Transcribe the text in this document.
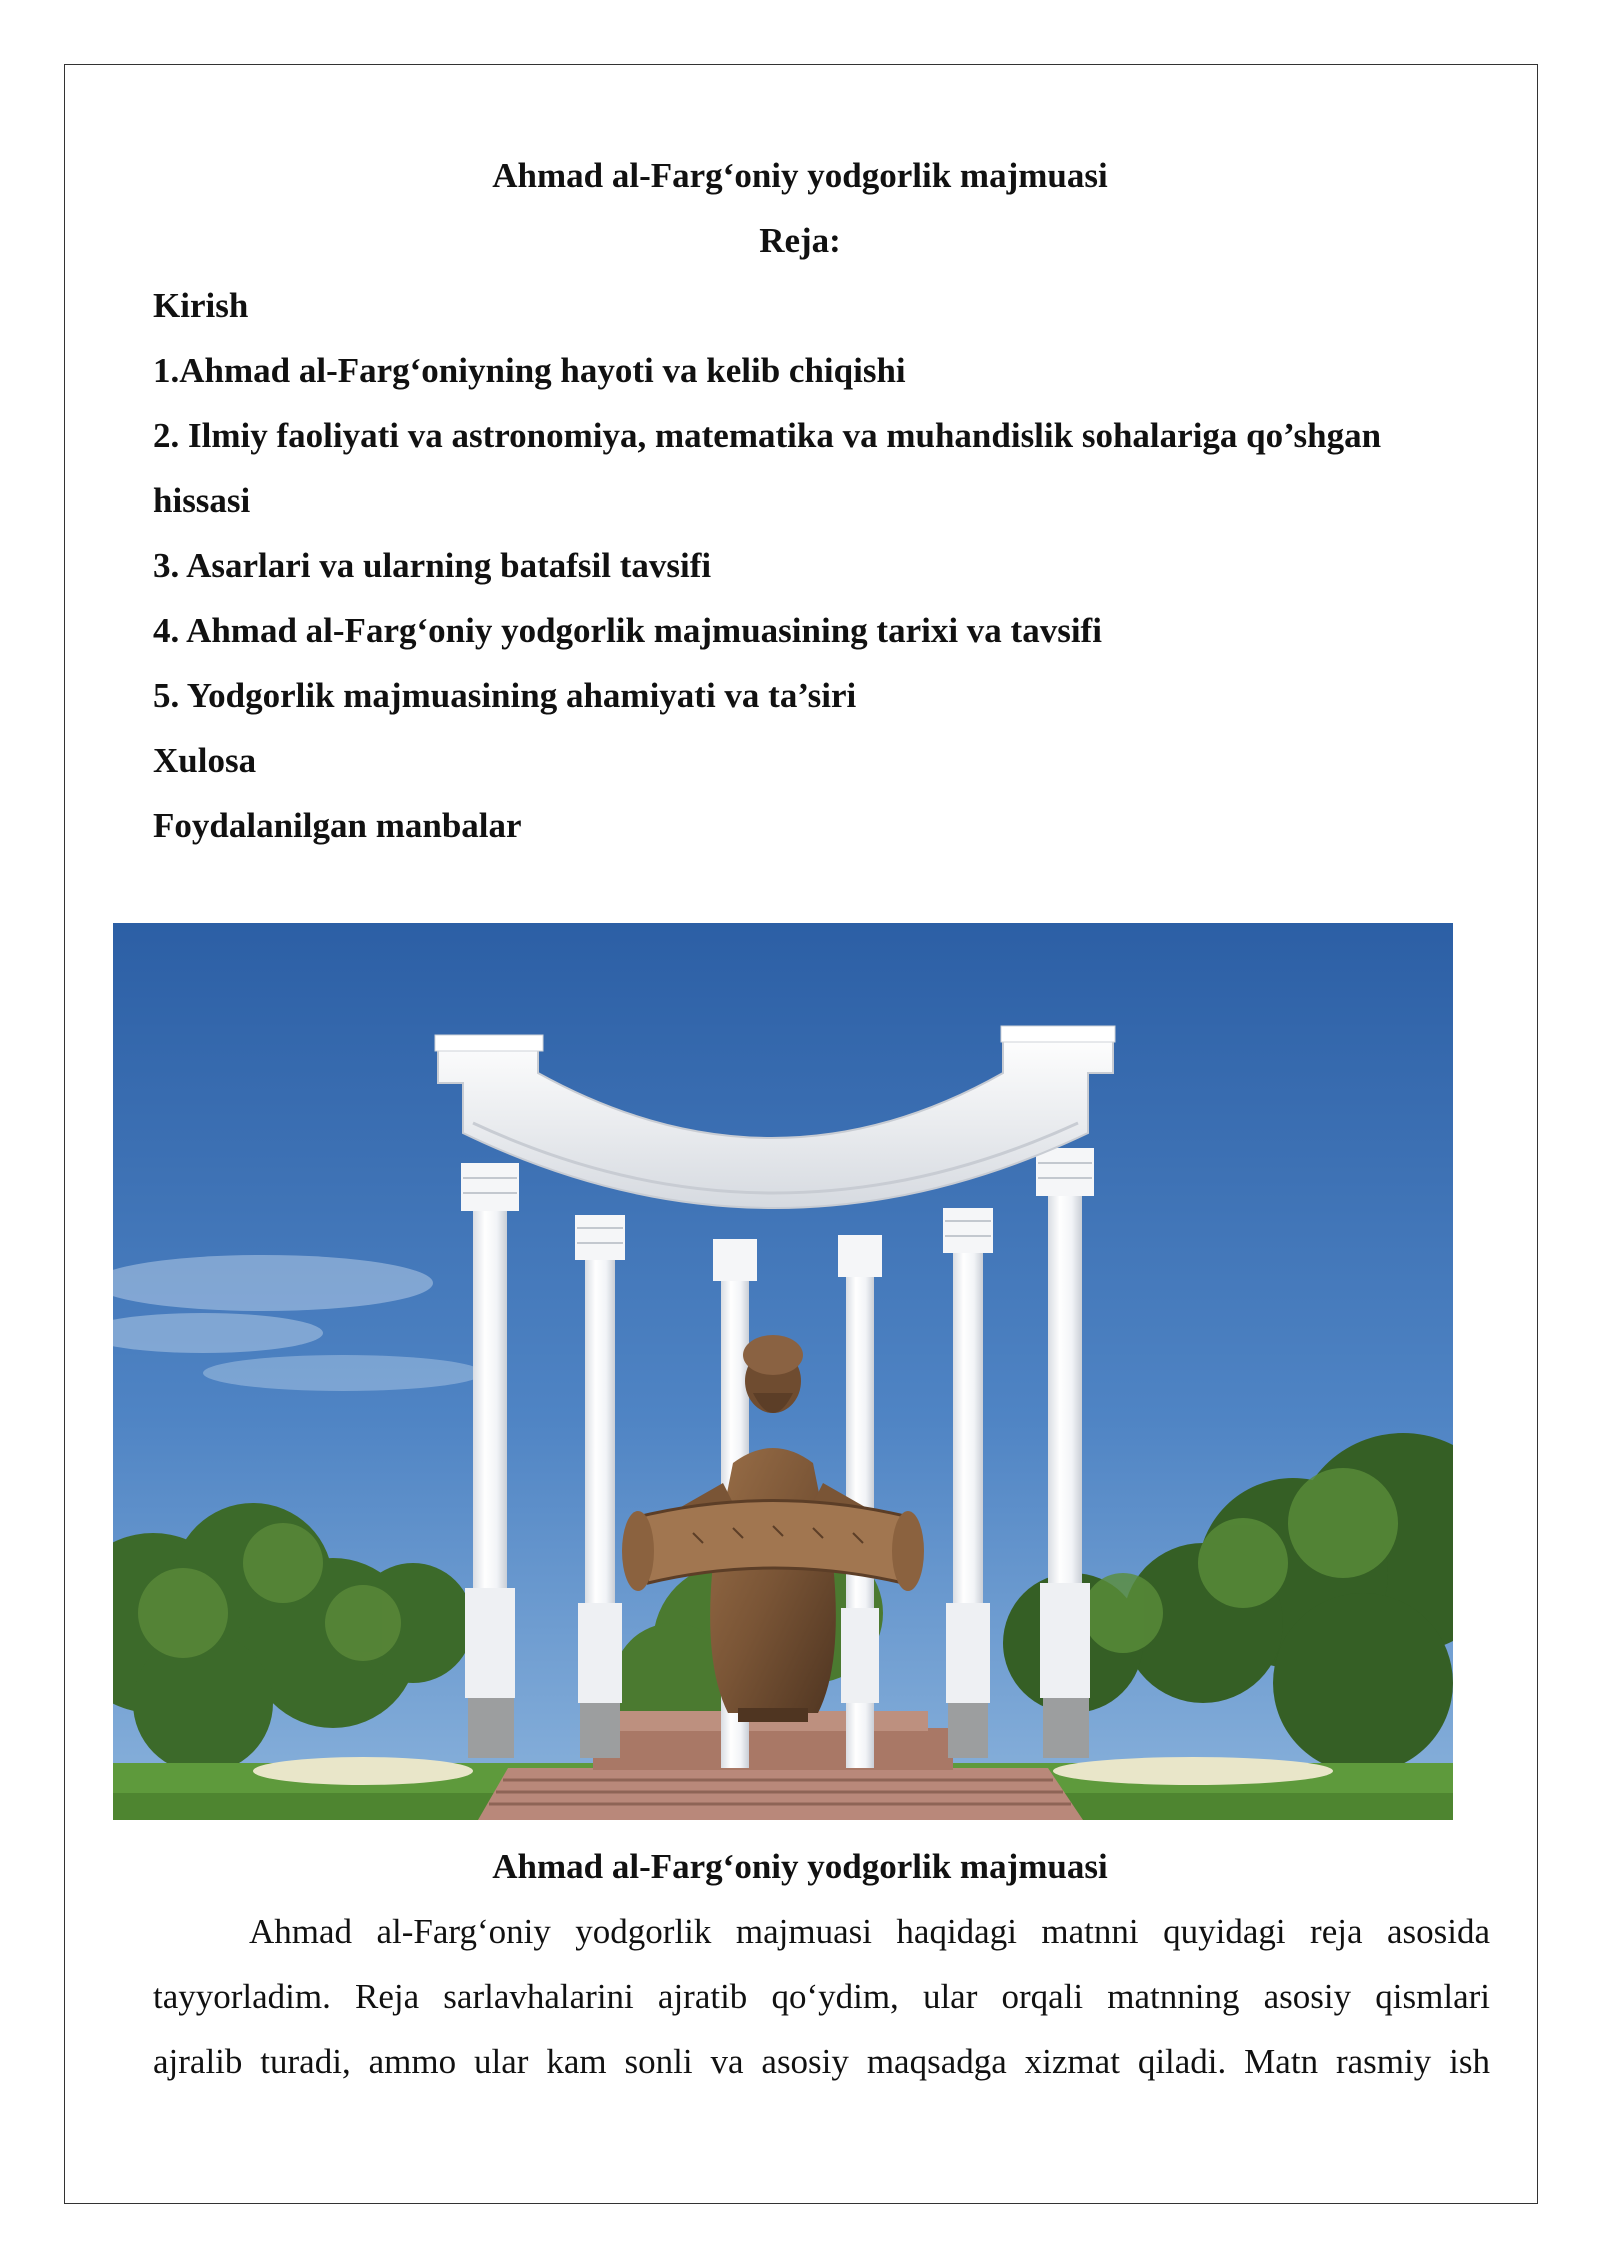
Ahmad al-Farg‘oniy yodgorlik majmuasi
Reja:
Kirish
1.Ahmad al-Farg‘oniyning hayoti va kelib chiqishi
2. Ilmiy faoliyati va astronomiya, matematika va muhandislik sohalariga qo’shgan
hissasi
3. Asarlari va ularning batafsil tavsifi
4. Ahmad al-Farg‘oniy yodgorlik majmuasining tarixi va tavsifi
5. Yodgorlik majmuasining ahamiyati va ta’siri
Xulosa
Foydalanilgan manbalar
Ahmad al-Farg‘oniy yodgorlik majmuasi
Ahmad al-Farg‘oniy yodgorlik majmuasi haqidagi matnni quyidagi reja asosida
tayyorladim. Reja sarlavhalarini ajratib qo‘ydim, ular orqali matnning asosiy qismlari
ajralib turadi, ammo ular kam sonli va asosiy maqsadga xizmat qiladi. Matn rasmiy ish
